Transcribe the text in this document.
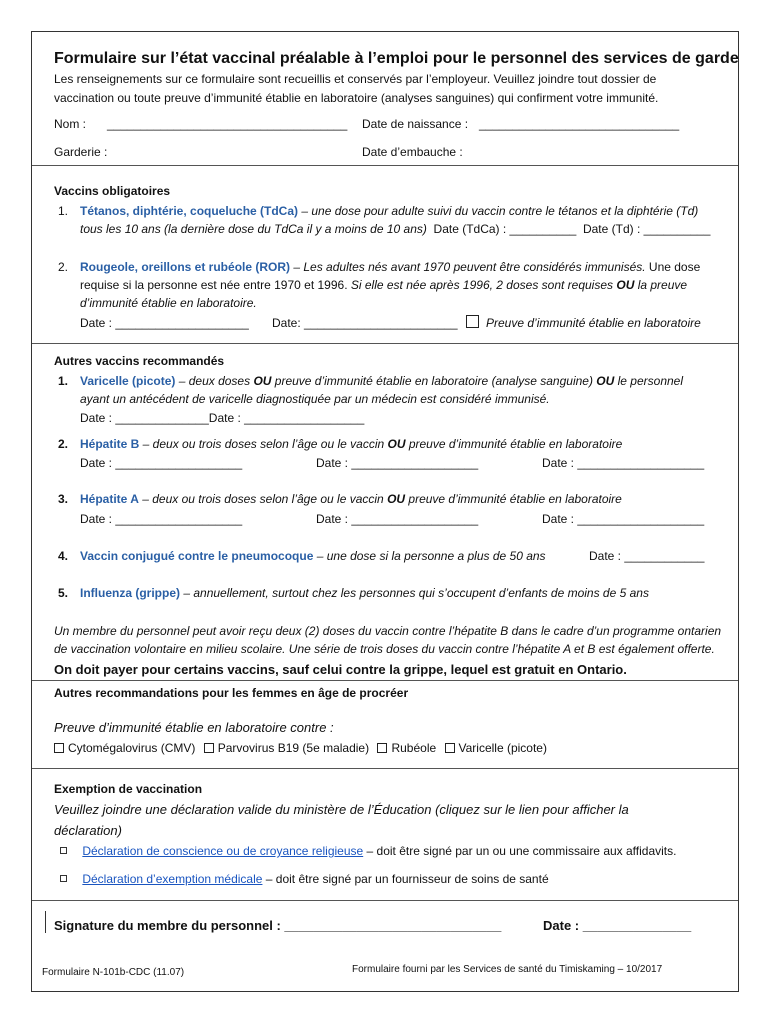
Formulaire sur l’état vaccinal préalable à l’emploi pour le personnel des services de garde
Les renseignements sur ce formulaire sont recueillis et conservés par l’employeur. Veuillez joindre tout dossier de
vaccination ou toute preuve d’immunité établie en laboratoire (analyses sanguines) qui confirment votre immunité.
Nom : ____________________________________ Date de naissance : ______________________________
Garderie :	Date d’embauche :
Vaccins obligatoires
1. Tétanos, diphtérie, coqueluche (TdCa) – une dose pour adulte suivi du vaccin contre le tétanos et la diphtérie (Td)
tous les 10 ans (la dernière dose du TdCa il y a moins de 10 ans) Date (TdCa) : __________ Date (Td) : __________
2. Rougeole, oreillons et rubéole (ROR) – Les adultes nés avant 1970 peuvent être considérés immunisés. Une dose
requise si la personne est née entre 1970 et 1996. Si elle est née après 1996, 2 doses sont requises OU la preuve
d’immunité établie en laboratoire.
Date : ____________________ Date: _______________________	Preuve d’immunité établie en laboratoire
Autres vaccins recommandés
1. Varicelle (picote) – deux doses OU preuve d’immunité établie en laboratoire (analyse sanguine) OU le personnel
ayant un antécédent de varicelle diagnostiquée par un médecin est considéré immunisé.
Date : ______________Date : __________________
2. Hépatite B – deux ou trois doses selon l’âge ou le vaccin OU preuve d’immunité établie en laboratoire
Date : ___________________	Date : ___________________	Date : ___________________
3. Hépatite A – deux ou trois doses selon l’âge ou le vaccin OU preuve d’immunité établie en laboratoire
Date : ___________________	Date : ___________________	Date : ___________________
4. Vaccin conjugué contre le pneumocoque – une dose si la personne a plus de 50 ans	Date : ____________
5. Influenza (grippe) – annuellement, surtout chez les personnes qui s’occupent d’enfants de moins de 5 ans
Un membre du personnel peut avoir reçu deux (2) doses du vaccin contre l’hépatite B dans le cadre d’un programme ontarien
de vaccination volontaire en milieu scolaire. Une série de trois doses du vaccin contre l’hépatite A et B est également offerte.
On doit payer pour certains vaccins, sauf celui contre la grippe, lequel est gratuit en Ontario.
Autres recommandations pour les femmes en âge de procréer
Preuve d’immunité établie en laboratoire contre :
Cytomégalovirus (CMV) Parvovirus B19 (5e maladie) Rubéole Varicelle (picote)
Exemption de vaccination
Veuillez joindre une déclaration valide du ministère de l’Éducation (cliquez sur le lien pour afficher la
déclaration)
Déclaration de conscience ou de croyance religieuse – doit être signé par un ou une commissaire aux affidavits.
Déclaration d’exemption médicale – doit être signé par un fournisseur de soins de santé
Signature du membre du personnel : ______________________________	Date : _______________
Formulaire N-101b-CDC (11.07)	Formulaire fourni par les Services de santé du Timiskaming – 10/2017
